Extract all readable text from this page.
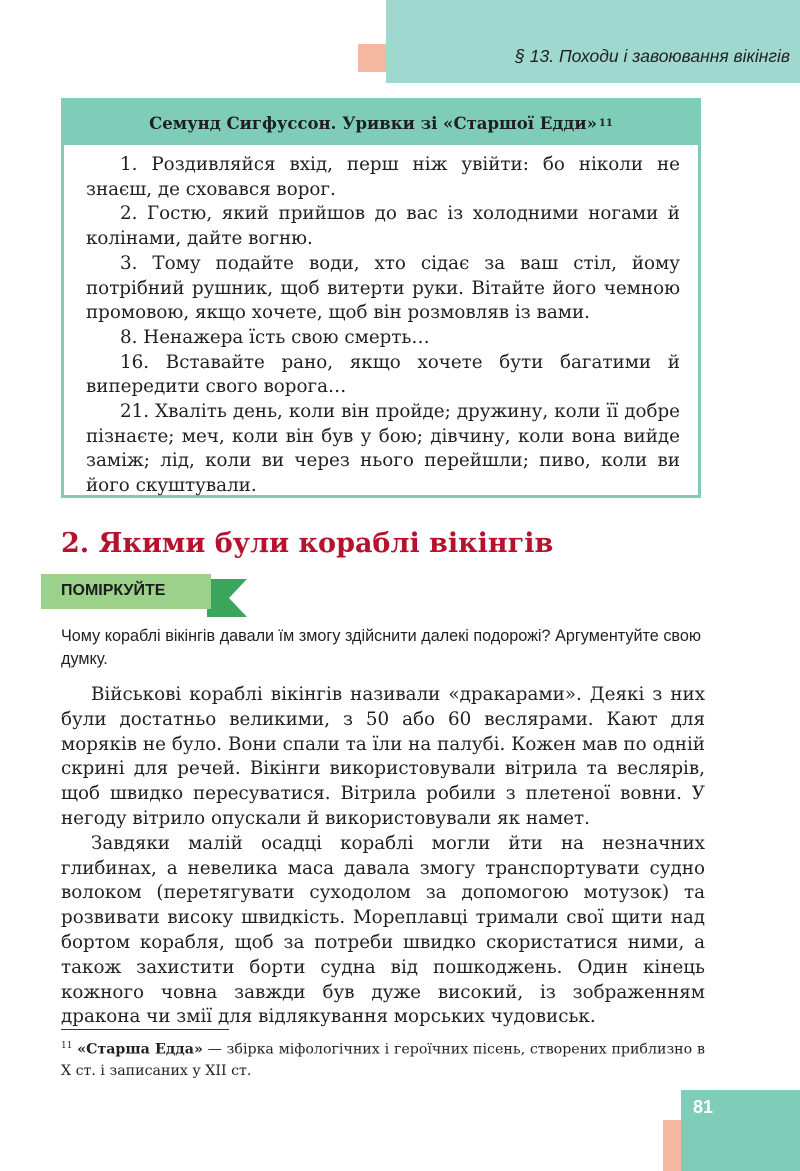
§ 13. Походи і завоювання вікінгів
Семунд Сигфуссон. Уривки зі «Старшої Едди» 11

1. Роздивляйся вхід, перш ніж увійти: бо ніколи не знаєш, де сховався ворог.

2. Гостю, який прийшов до вас із холодними ногами й колінами, дайте вогню.

3. Тому подайте води, хто сідає за ваш стіл, йому потрібний рушник, щоб витерти руки. Вітайте його чемною промовою, якщо хочете, щоб він розмовляв із вами.

8. Ненажера їсть свою смерть…

16. Вставайте рано, якщо хочете бути багатими й випередити свого ворога…

21. Хваліть день, коли він пройде; дружину, коли її добре пізнаєте; меч, коли він був у бою; дівчину, коли вона вийде заміж; лід, коли ви через нього перейшли; пиво, коли ви його скуштували.

2. Якими були кораблі вікінгів
ПОМІРКУЙТЕ

Чому кораблі вікінгів давали їм змогу здійснити далекі подорожі? Аргументуйте свою думку.

Військові кораблі вікінгів називали «дракарами». Деякі з них були достатньо великими, з 50 або 60 веслярами. Кают для моряків не було. Вони спали та їли на палубі. Кожен мав по одній скрині для речей. Вікінги використовували вітрила та веслярів, щоб швидко пересуватися. Вітрила робили з плетеної вовни. У негоду вітрило опускали й використовували як намет.

Завдяки малій осадці кораблі могли йти на незначних глибинах, а невелика маса давала змогу транспортувати судно волоком (перетягувати суходолом за допомогою мотузок) та розвивати високу швидкість. Мореплавці тримали свої щити над бортом корабля, щоб за потреби швидко скористатися ними, а також захистити борти судна від пошкоджень. Один кінець кожного човна завжди був дуже високий, із зображенням дракона чи змії для відлякування морських чудовиськ.

$^{11}$ «Старша Едда» — збірка міфологічних і героїчних пісень, створених приблизно в X ст. і записаних у XII ст.

81
